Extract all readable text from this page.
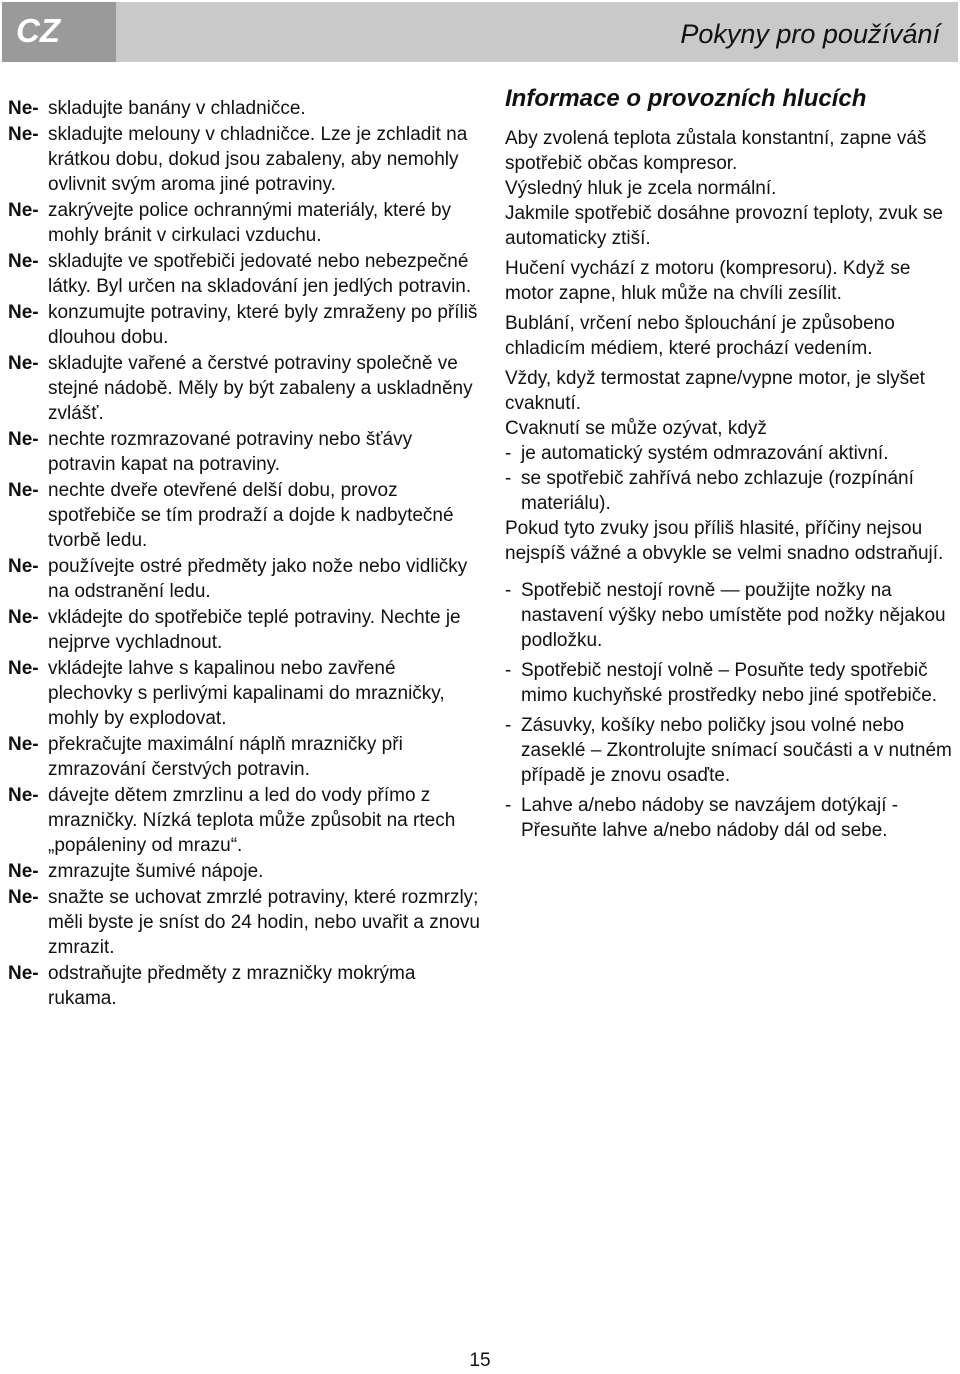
CZ	Pokyny pro používání
Ne- skladujte banány v chladničce.
Ne- skladujte melouny v chladničce. Lze je zchladit na krátkou dobu, dokud jsou zabaleny, aby nemohly ovlivnit svým aroma jiné potraviny.
Ne- zakrývejte police ochrannými materiály, které by mohly bránit v cirkulaci vzduchu.
Ne- skladujte ve spotřebiči jedovaté nebo nebezpečné látky. Byl určen na skladování jen jedlých potravin.
Ne- konzumujte potraviny, které byly zmraženy po příliš dlouhou dobu.
Ne- skladujte vařené a čerstvé potraviny společně ve stejné nádobě. Měly by být zabaleny a uskladněny zvlášť.
Ne- nechte rozmrazované potraviny nebo šťávy potravin kapat na potraviny.
Ne- nechte dveře otevřené delší dobu, provoz spotřebiče se tím prodraží a dojde k nadbytečné tvorbě ledu.
Ne- používejte ostré předměty jako nože nebo vidličky na odstranění ledu.
Ne- vkládejte do spotřebiče teplé potraviny. Nechte je nejprve vychladnout.
Ne- vkládejte lahve s kapalinou nebo zavřené plechovky s perlivými kapalinami do mrazničky, mohly by explodovat.
Ne- překračujte maximální náplň mrazničky při zmrazování čerstvých potravin.
Ne- dávejte dětem zmrzlinu a led do vody přímo z mrazničky. Nízká teplota může způsobit na rtech „popáleniny od mrazu“.
Ne- zmrazujte šumivé nápoje.
Ne- snažte se uchovat zmrzlé potraviny, které rozmrzly; měli byste je sníst do 24 hodin, nebo uvařit a znovu zmrazit.
Ne- odstraňujte předměty z mrazničky mokrýma rukama.
Informace o provozních hlucích
Aby zvolená teplota zůstala konstantní, zapne váš spotřebič občas kompresor.
Výsledný hluk je zcela normální.
Jakmile spotřebič dosáhne provozní teploty, zvuk se automaticky ztiší.
Hučení vychází z motoru (kompresoru). Když se motor zapne, hluk může na chvíli zesílit.
Bublání, vrčení nebo šplouchání je způsobeno chladicím médiem, které prochází vedením.
Vždy, když termostat zapne/vypne motor, je slyšet cvaknutí.
Cvaknutí se může ozývat, když
- je automatický systém odmrazování aktivní.
- se spotřebič zahřívá nebo zchlazuje (rozpínání materiálu).
Pokud tyto zvuky jsou příliš hlasité, příčiny nejsou nejspíš vážné a obvykle se velmi snadno odstraňují.
- Spotřebič nestojí rovně — použijte nožky na nastavení výšky nebo umístěte pod nožky nějakou podložku.
- Spotřebič nestojí volně – Posuňte tedy spotřebič mimo kuchyňské prostředky nebo jiné spotřebiče.
- Zásuvky, košíky nebo poličky jsou volné nebo zaseklé – Zkontrolujte snímací součásti a v nutném případě je znovu osaďte.
- Lahve a/nebo nádoby se navzájem dotýkají - Přesuňte lahve a/nebo nádoby dál od sebe.
15
